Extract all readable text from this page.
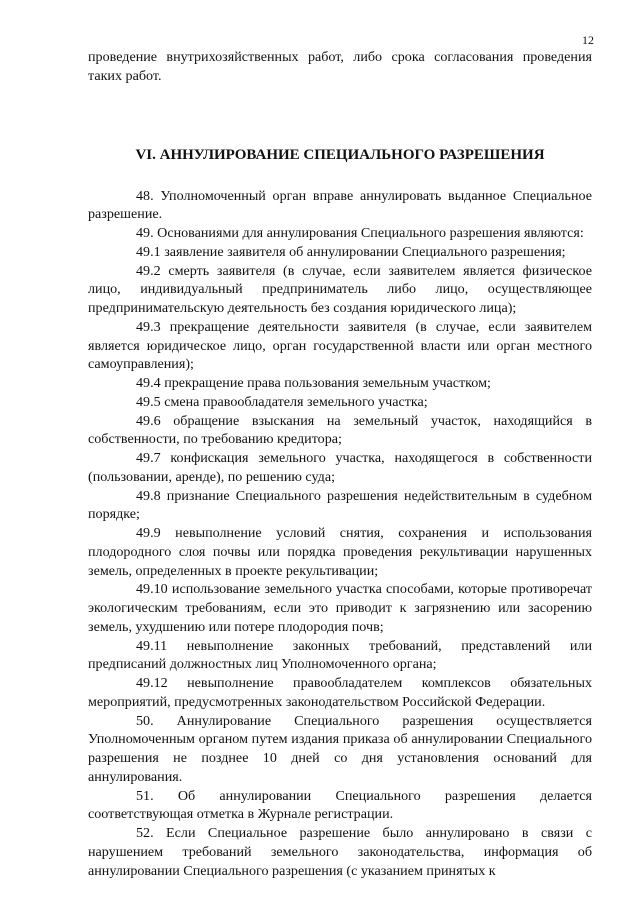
12

проведение внутрихозяйственных работ, либо срока согласования проведения таких работ.

VI. АННУЛИРОВАНИЕ СПЕЦИАЛЬНОГО РАЗРЕШЕНИЯ

48. Уполномоченный орган вправе аннулировать выданное Специальное разрешение.

49. Основаниями для аннулирования Специального разрешения являются:

49.1 заявление заявителя об аннулировании Специального разрешения;

49.2 смерть заявителя (в случае, если заявителем является физическое лицо, индивидуальный предприниматель либо лицо, осуществляющее предпринимательскую деятельность без создания юридического лица);

49.3 прекращение деятельности заявителя (в случае, если заявителем является юридическое лицо, орган государственной власти или орган местного самоуправления);

49.4 прекращение права пользования земельным участком;

49.5 смена правообладателя земельного участка;

49.6 обращение взыскания на земельный участок, находящийся в собственности, по требованию кредитора;

49.7 конфискация земельного участка, находящегося в собственности (пользовании, аренде), по решению суда;

49.8 признание Специального разрешения недействительным в судебном порядке;

49.9 невыполнение условий снятия, сохранения и использования плодородного слоя почвы или порядка проведения рекультивации нарушенных земель, определенных в проекте рекультивации;

49.10 использование земельного участка способами, которые противоречат экологическим требованиям, если это приводит к загрязнению или засорению земель, ухудшению или потере плодородия почв;

49.11 невыполнение законных требований, представлений или предписаний должностных лиц Уполномоченного органа;

49.12 невыполнение правообладателем комплексов обязательных мероприятий, предусмотренных законодательством Российской Федерации.

50. Аннулирование Специального разрешения осуществляется Уполномоченным органом путем издания приказа об аннулировании Специального разрешения не позднее 10 дней со дня установления оснований для аннулирования.

51. Об аннулировании Специального разрешения делается соответствующая отметка в Журнале регистрации.

52. Если Специальное разрешение было аннулировано в связи с нарушением требований земельного законодательства, информация об аннулировании Специального разрешения (с указанием принятых к
